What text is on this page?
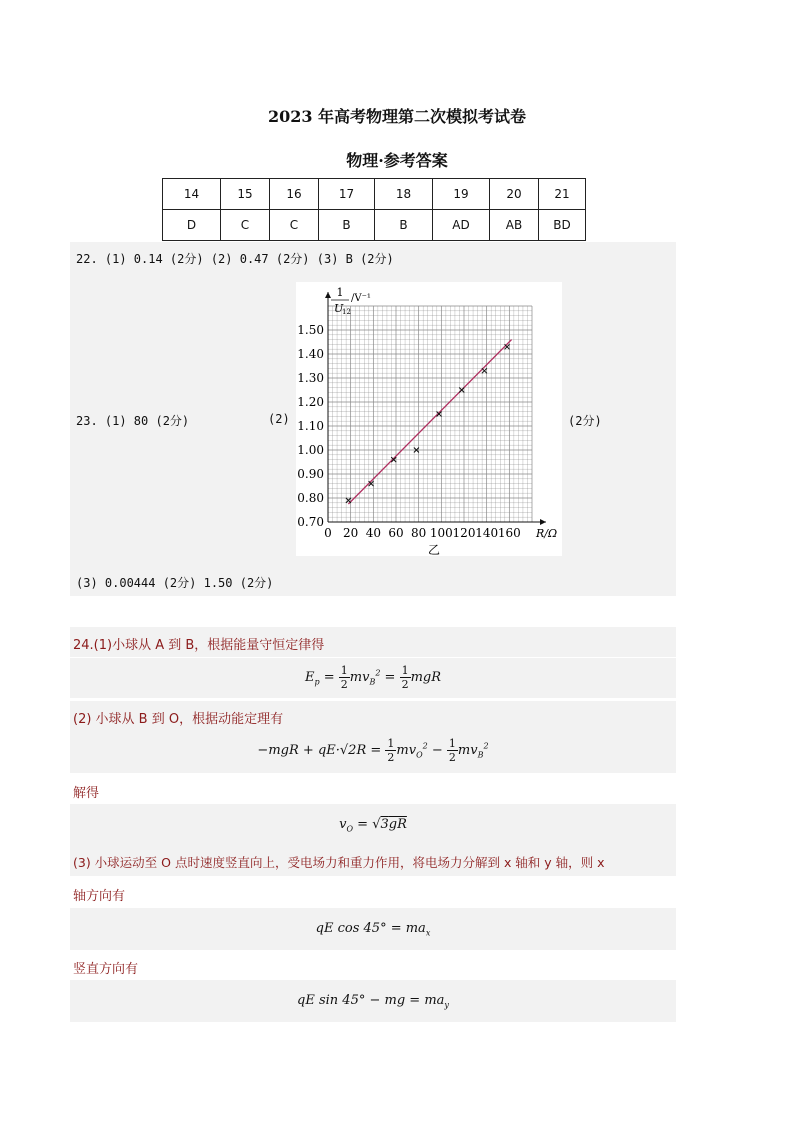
2023 年高考物理第二次模拟考试卷
物理·参考答案
14	15	16	17	18	19	20	21
D	C	C	B	B	AD	AB	BD
22. (1) 0.14 (2分) (2) 0.47 (2分) (3) B (2分)
23. (1) 80 (2分)	(2)	(2分)
(3) 0.00444 (2分) 1.50 (2分)
0 20 40 60 80 100 120 140 160
0.70
0.80
0.90
1.00
1.10
1.20
1.30
1.40
1.50
1
U
12
/V⁻¹
R/Ω
乙
24.(1)小球从 A 到 B，根据能量守恒定律得
$E_p = \frac{1}{2} mv_B^2 = \frac{1}{2}$ mgR
(2) 小球从 B 到 O，根据动能定理有
$-mgR + qE\cdot√2R = \frac{1}{2} mv_O^2 - \frac{1}{2} mv_B^2$
解得
$v_O = √3gR$
(3) 小球运动至 O 点时速度竖直向上，受电场力和重力作用，将电场力分解到 x 轴和 y 轴，则 x
轴方向有
qE $\cos 45^\circ = ma_x$
竖直方向有
qE sin 45° − mg = $ma_y$
